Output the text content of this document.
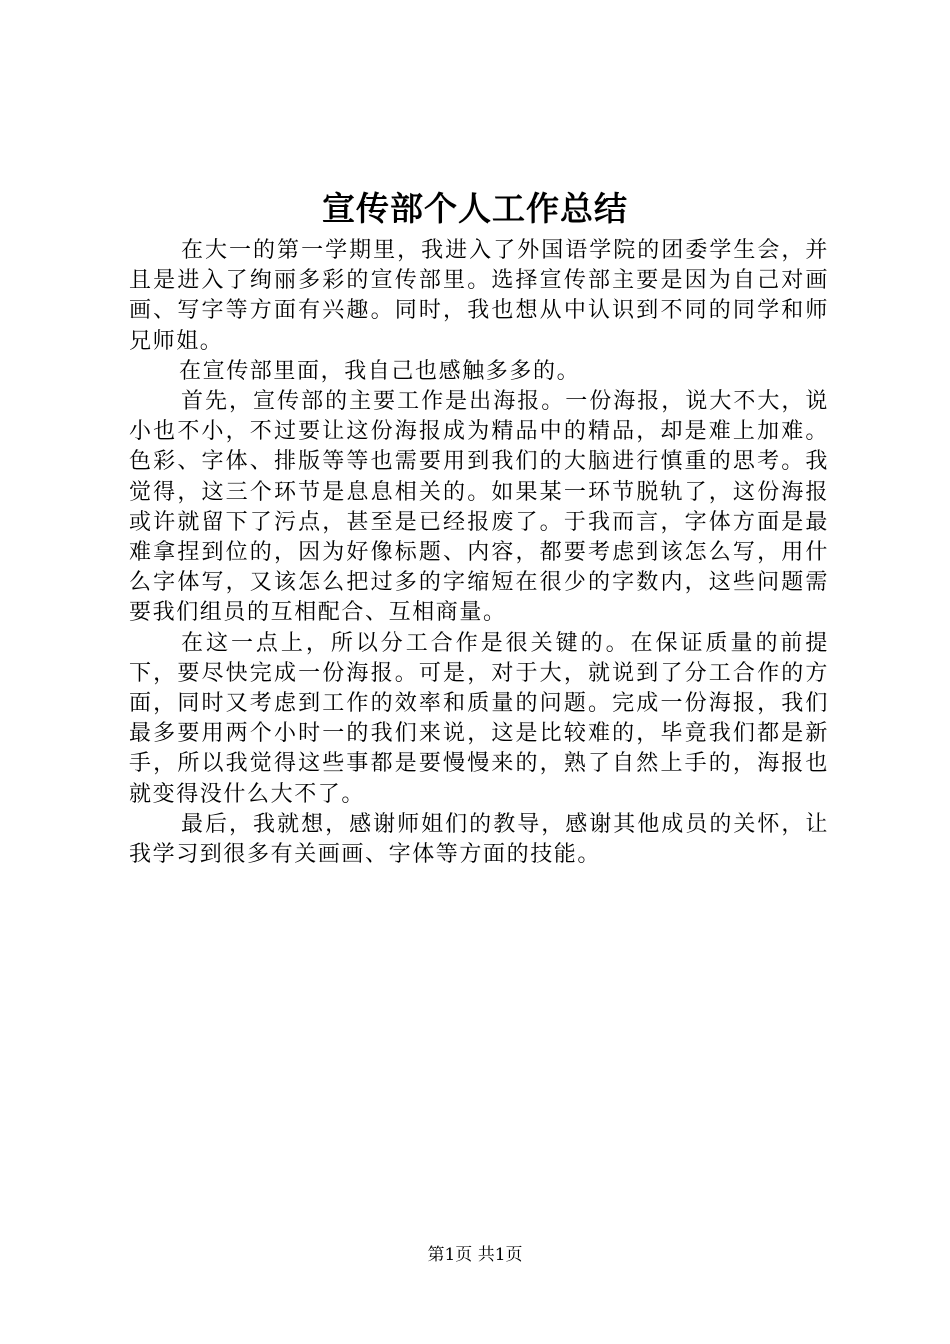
宣传部个人工作总结

在大一的第一学期里，我进入了外国语学院的团委学生会，并且是进入了绚丽多彩的宣传部里。选择宣传部主要是因为自己对画画、写字等方面有兴趣。同时，我也想从中认识到不同的同学和师兄师姐。

在宣传部里面，我自己也感触多多的。

首先，宣传部的主要工作是出海报。一份海报，说大不大，说小也不小，不过要让这份海报成为精品中的精品，却是难上加难。色彩、字体、排版等等也需要用到我们的大脑进行慎重的思考。我觉得，这三个环节是息息相关的。如果某一环节脱轨了，这份海报或许就留下了污点，甚至是已经报废了。于我而言，字体方面是最难拿捏到位的，因为好像标题、内容，都要考虑到该怎么写，用什么字体写，又该怎么把过多的字缩短在很少的字数内，这些问题需要我们组员的互相配合、互相商量。

在这一点上，所以分工合作是很关键的。在保证质量的前提下，要尽快完成一份海报。可是，对于大，就说到了分工合作的方面，同时又考虑到工作的效率和质量的问题。完成一份海报，我们最多要用两个小时一的我们来说，这是比较难的，毕竟我们都是新手，所以我觉得这些事都是要慢慢来的，熟了自然上手的，海报也就变得没什么大不了。

最后，我就想，感谢师姐们的教导，感谢其他成员的关怀，让我学习到很多有关画画、字体等方面的技能。

第1页 共1页
